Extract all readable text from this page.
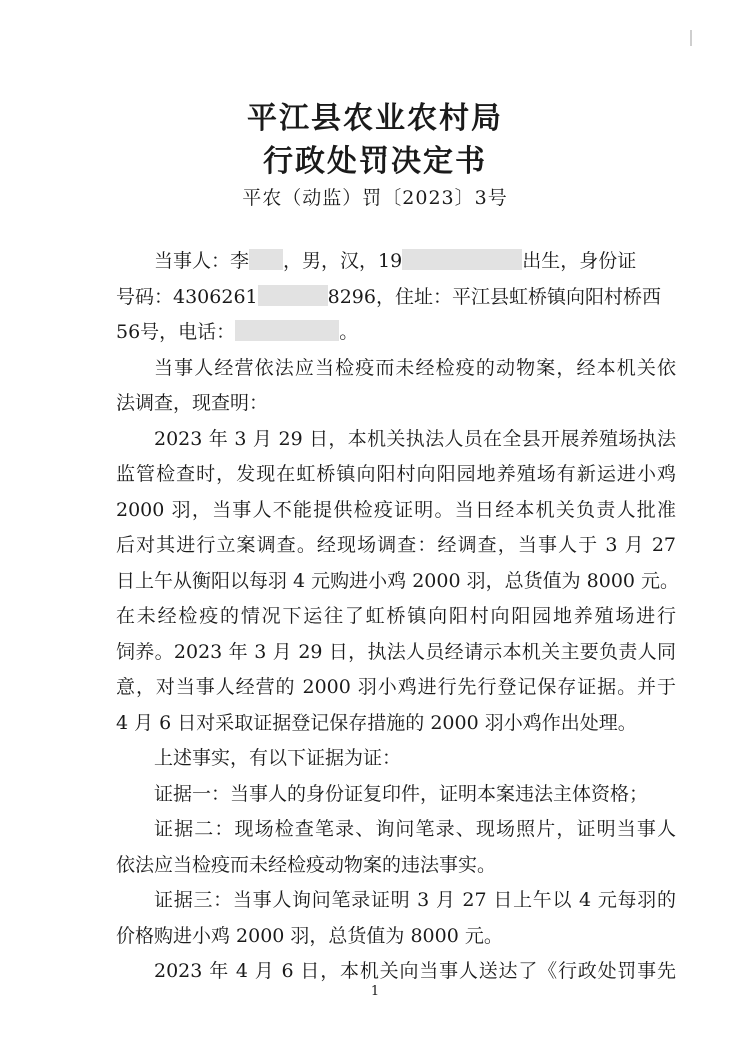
平江县农业农村局
行政处罚决定书
平农（动监）罚〔2023〕3号
当事人：李 ，男，汉，19	出生，身份证
号码：4306261	8296，住址：平江县虹桥镇向阳村桥西
56号，电话：	。
当事人经营依法应当检疫而未经检疫的动物案，经本机关依
法调查，现查明：
2023 年 3 月 29 日，本机关执法人员在全县开展养殖场执法
监管检查时，发现在虹桥镇向阳村向阳园地养殖场有新运进小鸡
2000 羽，当事人不能提供检疫证明。当日经本机关负责人批准
后对其进行立案调查。经现场调查：经调查，当事人于 3 月 27
日上午从衡阳以每羽 4 元购进小鸡 2000 羽，总货值为 8000 元。
在未经检疫的情况下运往了虹桥镇向阳村向阳园地养殖场进行
饲养。2023 年 3 月 29 日，执法人员经请示本机关主要负责人同
意，对当事人经营的 2000 羽小鸡进行先行登记保存证据。并于
4 月 6 日对采取证据登记保存措施的 2000 羽小鸡作出处理。
上述事实，有以下证据为证：
证据一：当事人的身份证复印件，证明本案违法主体资格；
证据二：现场检查笔录、询问笔录、现场照片，证明当事人
依法应当检疫而未经检疫动物案的违法事实。
证据三：当事人询问笔录证明 3 月 27 日上午以 4 元每羽的
价格购进小鸡 2000 羽，总货值为 8000 元。
2023 年 4 月 6 日，本机关向当事人送达了《行政处罚事先
1
